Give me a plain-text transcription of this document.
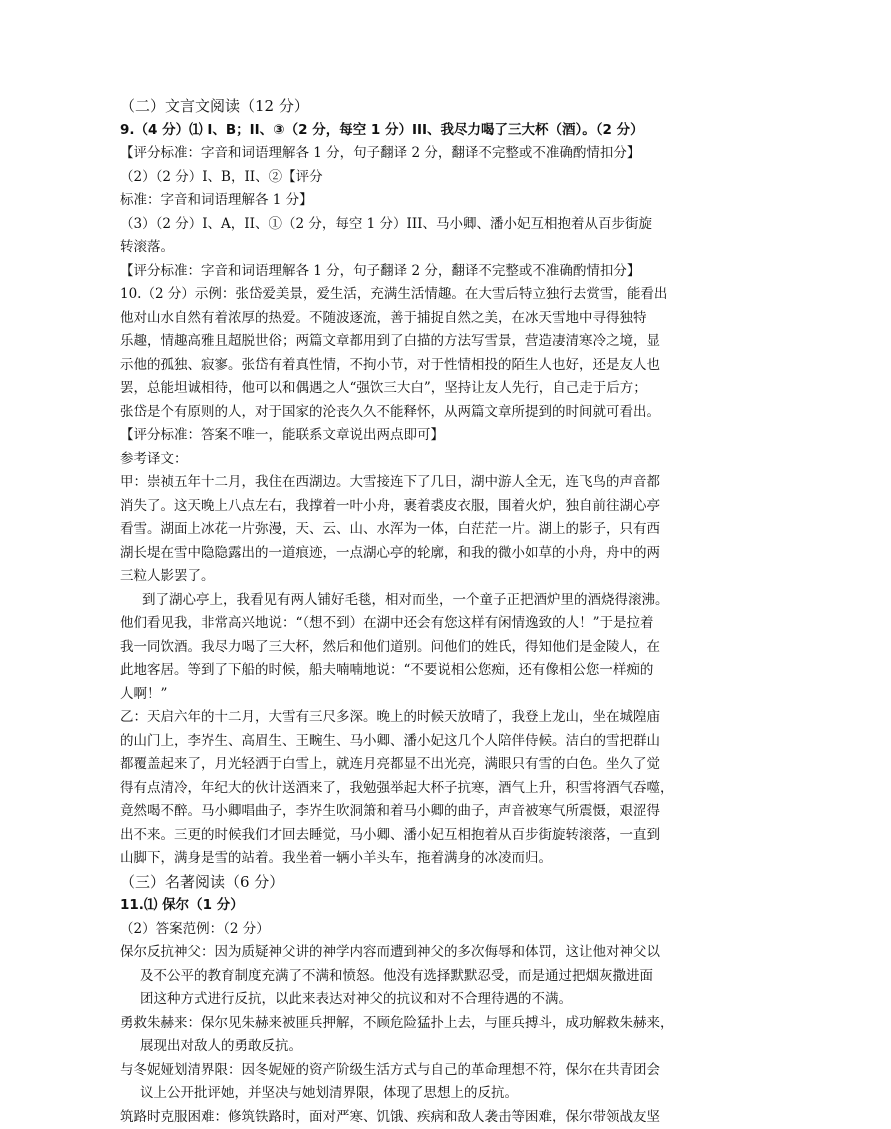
（二）文言文阅读（12 分）
9.（4 分）⑴ I、B；II、③（2 分，每空 1 分）III、我尽力喝了三大杯（酒）。（2 分）
【评分标准：字音和词语理解各 1 分，句子翻译 2 分，翻译不完整或不准确酌情扣分】
（2）（2 分）I、B，II、②【评分
标准：字音和词语理解各 1 分】
（3）（2 分）I、A，II、①（2 分，每空 1 分）III、马小卿、潘小妃互相抱着从百步街旋
转滚落。
【评分标准：字音和词语理解各 1 分，句子翻译 2 分，翻译不完整或不准确酌情扣分】
10.（2 分）示例：张岱爱美景，爱生活，充满生活情趣。在大雪后特立独行去赏雪，能看出
他对山水自然有着浓厚的热爱。不随波逐流，善于捕捉自然之美，在冰天雪地中寻得独特
乐趣，情趣高雅且超脱世俗；两篇文章都用到了白描的方法写雪景，营造凄清寒冷之境，显
示他的孤独、寂寥。张岱有着真性情，不拘小节，对于性情相投的陌生人也好，还是友人也
罢，总能坦诚相待，他可以和偶遇之人“强饮三大白”，坚持让友人先行，自己走于后方；
张岱是个有原则的人，对于国家的沦丧久久不能释怀，从两篇文章所提到的时间就可看出。
【评分标准：答案不唯一，能联系文章说出两点即可】
参考译文：
甲：崇祯五年十二月，我住在西湖边。大雪接连下了几日，湖中游人全无，连飞鸟的声音都
消失了。这天晚上八点左右，我撑着一叶小舟，裹着裘皮衣服，围着火炉，独自前往湖心亭
看雪。湖面上冰花一片弥漫，天、云、山、水浑为一体，白茫茫一片。湖上的影子，只有西
湖长堤在雪中隐隐露出的一道痕迹，一点湖心亭的轮廓，和我的微小如草的小舟，舟中的两
三粒人影罢了。
到了湖心亭上，我看见有两人铺好毛毯，相对而坐，一个童子正把酒炉里的酒烧得滚沸。
他们看见我，非常高兴地说：“（想不到）在湖中还会有您这样有闲情逸致的人！”于是拉着
我一同饮酒。我尽力喝了三大杯，然后和他们道别。问他们的姓氏，得知他们是金陵人，在
此地客居。等到了下船的时候，船夫喃喃地说：“不要说相公您痴，还有像相公您一样痴的
人啊！”
乙：天启六年的十二月，大雪有三尺多深。晚上的时候天放晴了，我登上龙山，坐在城隍庙
的山门上，李岕生、高眉生、王畹生、马小卿、潘小妃这几个人陪伴侍候。洁白的雪把群山
都覆盖起来了，月光轻洒于白雪上，就连月亮都显不出光亮，满眼只有雪的白色。坐久了觉
得有点清冷，年纪大的伙计送酒来了，我勉强举起大杯子抗寒，酒气上升，积雪将酒气吞噬，
竟然喝不醉。马小卿唱曲子，李岕生吹洞箫和着马小卿的曲子，声音被寒气所震慑，艰涩得
出不来。三更的时候我们才回去睡觉，马小卿、潘小妃互相抱着从百步街旋转滚落，一直到
山脚下，满身是雪的站着。我坐着一辆小羊头车，拖着满身的冰凌而归。
（三）名著阅读（6 分）
11.⑴ 保尔（1 分）
（2）答案范例：（2 分）
保尔反抗神父：因为质疑神父讲的神学内容而遭到神父的多次侮辱和体罚，这让他对神父以
及不公平的教育制度充满了不满和愤怒。他没有选择默默忍受，而是通过把烟灰撒进面
团这种方式进行反抗，以此来表达对神父的抗议和对不合理待遇的不满。
勇救朱赫来：保尔见朱赫来被匪兵押解，不顾危险猛扑上去，与匪兵搏斗，成功解救朱赫来，
展现出对敌人的勇敢反抗。
与冬妮娅划清界限：因冬妮娅的资产阶级生活方式与自己的革命理想不符，保尔在共青团会
议上公开批评她，并坚决与她划清界限，体现了思想上的反抗。
筑路时克服困难：修筑铁路时，面对严寒、饥饿、疾病和敌人袭击等困难，保尔带领战友坚
